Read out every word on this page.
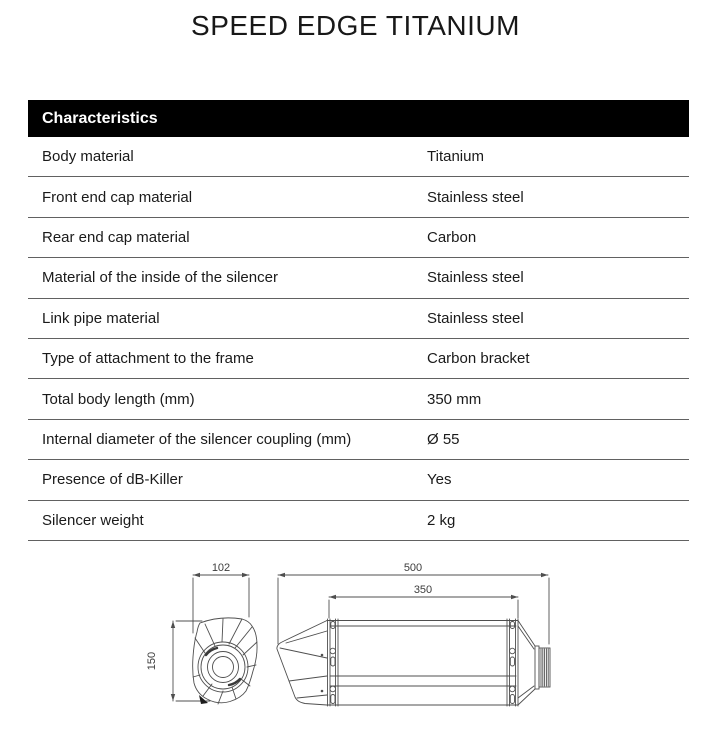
SPEED EDGE TITANIUM
Characteristics
Body material	Titanium
Front end cap material	Stainless steel
Rear end cap material	Carbon
Material of the inside of the silencer	Stainless steel
Link pipe material	Stainless steel
Type of attachment to the frame	Carbon bracket
Total body length (mm)	350 mm
Internal diameter of the silencer coupling (mm)	Ø 55
Presence of dB-Killer	Yes
Silencer weight	2 kg
102	500
350
150
